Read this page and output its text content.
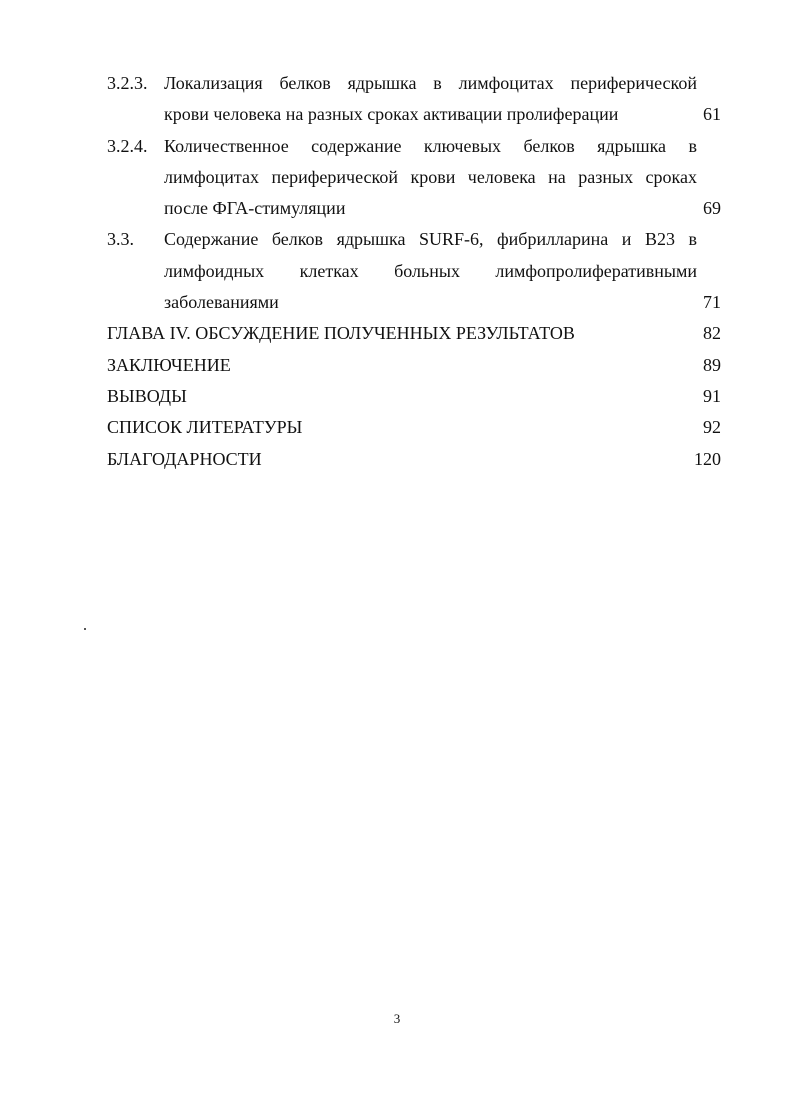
3.2.3. Локализация белков ядрышка в лимфоцитах периферической
крови человека на разных сроках активации пролиферации	61
3.2.4. Количественное содержание ключевых белков ядрышка в
лимфоцитах периферической крови человека на разных сроках
после ФГА-стимуляции	69
3.3. Содержание белков ядрышка SURF-6, фибрилларина и В23 в
лимфоидных клетках больных лимфопролиферативными
заболеваниями	71
ГЛАВА IV. ОБСУЖДЕНИЕ ПОЛУЧЕННЫХ РЕЗУЛЬТАТОВ	82
ЗАКЛЮЧЕНИЕ	89
ВЫВОДЫ	91
СПИСОК ЛИТЕРАТУРЫ	92
БЛАГОДАРНОСТИ	120
3
